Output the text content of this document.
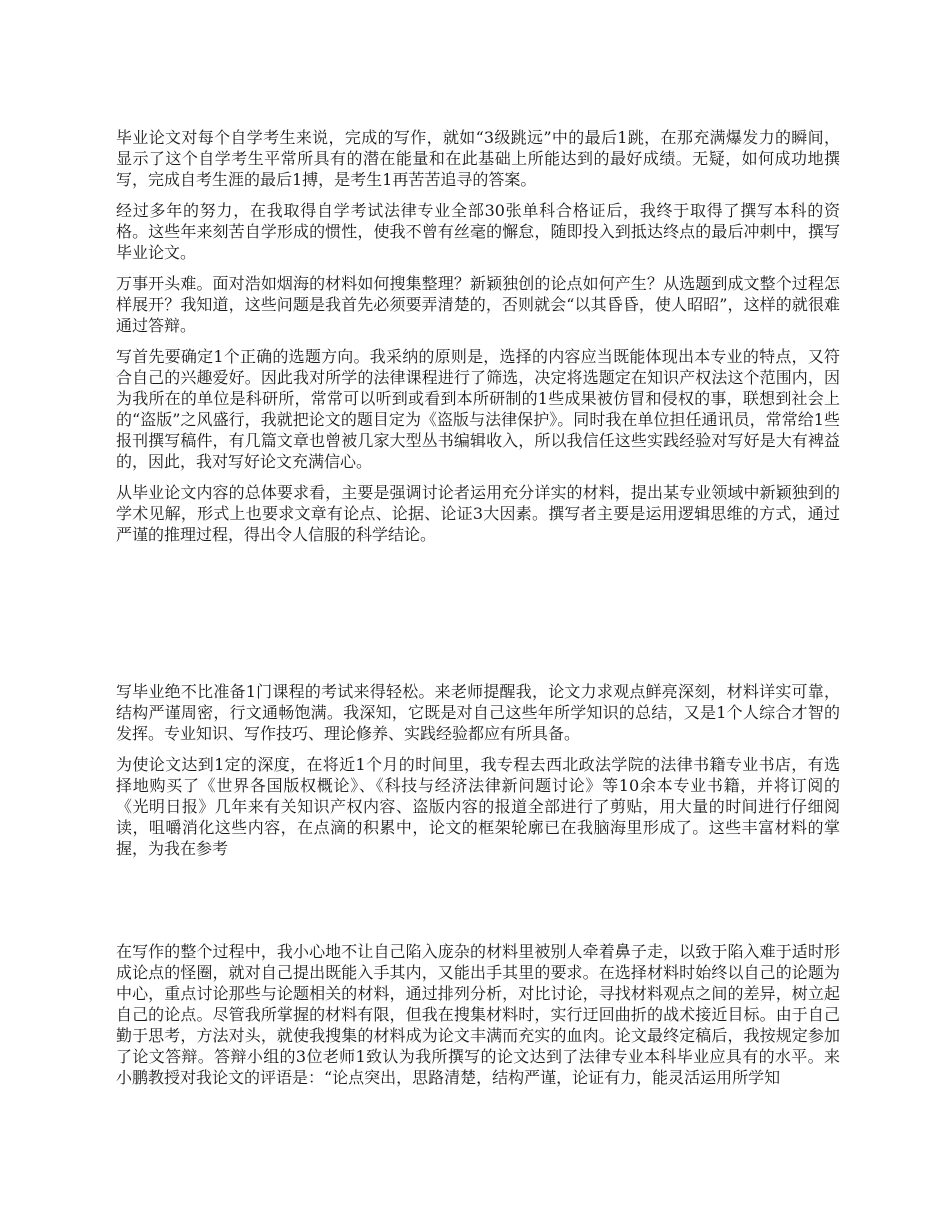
毕业论文对每个自学考生来说，完成的写作，就如“3级跳远”中的最后1跳，在那充满爆发力的瞬间，显示了这个自学考生平常所具有的潜在能量和在此基础上所能达到的最好成绩。无疑，如何成功地撰写，完成自考生涯的最后1搏，是考生1再苦苦追寻的答案。

经过多年的努力，在我取得自学考试法律专业全部30张单科合格证后，我终于取得了撰写本科的资格。这些年来刻苦自学形成的惯性，使我不曾有丝毫的懈怠，随即投入到抵达终点的最后冲刺中，撰写毕业论文。

万事开头难。面对浩如烟海的材料如何搜集整理？新颖独创的论点如何产生？从选题到成文整个过程怎样展开？我知道，这些问题是我首先必须要弄清楚的，否则就会“以其昏昏，使人昭昭”，这样的就很难通过答辩。

写首先要确定1个正确的选题方向。我采纳的原则是，选择的内容应当既能体现出本专业的特点，又符合自己的兴趣爱好。因此我对所学的法律课程进行了筛选，决定将选题定在知识产权法这个范围内，因为我所在的单位是科研所，常常可以听到或看到本所研制的1些成果被仿冒和侵权的事，联想到社会上的“盗版”之风盛行，我就把论文的题目定为《盗版与法律保护》。同时我在单位担任通讯员，常常给1些报刊撰写稿件，有几篇文章也曾被几家大型丛书编辑收入，所以我信任这些实践经验对写好是大有裨益的，因此，我对写好论文充满信心。

从毕业论文内容的总体要求看，主要是强调讨论者运用充分详实的材料，提出某专业领域中新颖独到的学术见解，形式上也要求文章有论点、论据、论证3大因素。撰写者主要是运用逻辑思维的方式，通过严谨的推理过程，得出令人信服的科学结论。

写毕业绝不比准备1门课程的考试来得轻松。来老师提醒我，论文力求观点鲜亮深刻，材料详实可靠，结构严谨周密，行文通畅饱满。我深知，它既是对自己这些年所学知识的总结，又是1个人综合才智的发挥。专业知识、写作技巧、理论修养、实践经验都应有所具备。

为使论文达到1定的深度，在将近1个月的时间里，我专程去西北政法学院的法律书籍专业书店，有选择地购买了《世界各国版权概论》、《科技与经济法律新问题讨论》等10余本专业书籍，并将订阅的《光明日报》几年来有关知识产权内容、盗版内容的报道全部进行了剪贴，用大量的时间进行仔细阅读，咀嚼消化这些内容，在点滴的积累中，论文的框架轮廓已在我脑海里形成了。这些丰富材料的掌握，为我在参考

在写作的整个过程中，我小心地不让自己陷入庞杂的材料里被别人牵着鼻子走，以致于陷入难于适时形成论点的怪圈，就对自己提出既能入手其内，又能出手其里的要求。在选择材料时始终以自己的论题为中心，重点讨论那些与论题相关的材料，通过排列分析，对比讨论，寻找材料观点之间的差异，树立起自己的论点。尽管我所掌握的材料有限，但我在搜集材料时，实行迂回曲折的战术接近目标。由于自己勤于思考，方法对头，就使我搜集的材料成为论文丰满而充实的血肉。论文最终定稿后，我按规定参加了论文答辩。答辩小组的3位老师1致认为我所撰写的论文达到了法律专业本科毕业应具有的水平。来小鹏教授对我论文的评语是：“论点突出，思路清楚，结构严谨，论证有力，能灵活运用所学知
